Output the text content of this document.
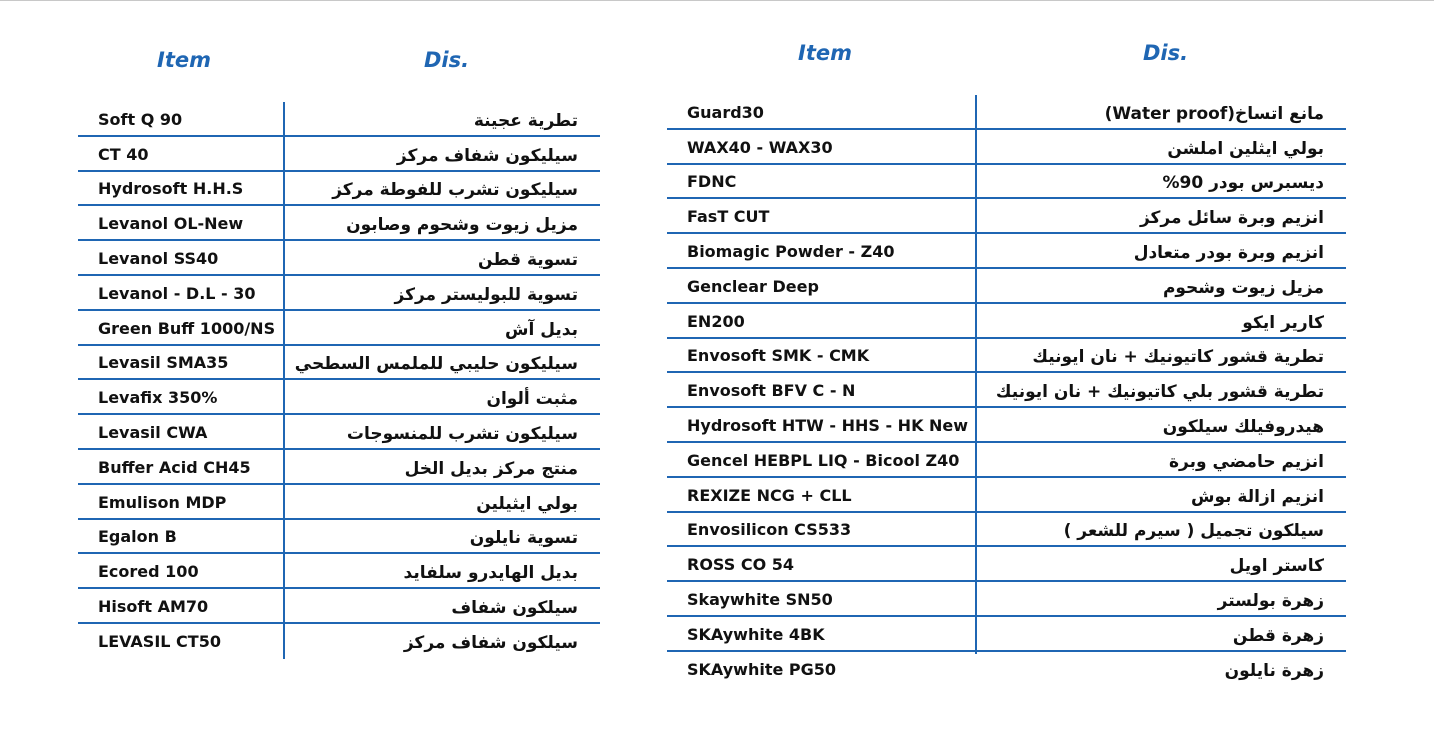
Item	Dis.	Item	Dis.
Soft Q 90	تطرية عجينة
CT 40	سيليكون شفاف مركز
Hydrosoft H.H.S	سيليكون تشرب للفوطة مركز
Levanol OL-New	مزيل زيوت وشحوم وصابون
Levanol SS40	تسوية قطن
Levanol - D.L - 30	تسوية للبوليستر مركز
Green Buff 1000/NS	بديل آش
Levasil SMA35	سيليكون حليبي للملمس السطحي
Levafix 350%	مثبت ألوان
Levasil CWA	سيليكون تشرب للمنسوجات
Buffer Acid CH45	منتج مركز بديل الخل
Emulison MDP	بولي ايثيلين
Egalon B	تسوية نايلون
Ecored 100	بديل الهايدرو سلفايد
Hisoft AM70	سيلكون شفاف
LEVASIL CT50	سيلكون شفاف مركز
Guard30	مانع اتساخ(Water proof)
WAX40 - WAX30	بولي ايثلين املشن
FDNC	ديسبرس بودر 90%
FasT CUT	انزيم وبرة سائل مركز
Biomagic Powder - Z40	انزيم وبرة بودر متعادل
Genclear Deep	مزيل زيوت وشحوم
EN200	كارير ايكو
Envosoft SMK - CMK	تطرية قشور كاتيونيك + نان ايونيك
Envosoft BFV C - N	تطرية قشور بلي كاتيونيك + نان ايونيك
Hydrosoft HTW - HHS - HK New	هيدروفيلك سيلكون
Gencel HEBPL LIQ - Bicool Z40	انزيم حامضي وبرة
REXIZE NCG + CLL	انزيم ازالة بوش
Envosilicon CS533	سيلكون تجميل ( سيرم للشعر )
ROSS CO 54	كاستر اويل
Skaywhite SN50	زهرة بولستر
SKAywhite 4BK	زهرة قطن
SKAywhite PG50	زهرة نايلون
